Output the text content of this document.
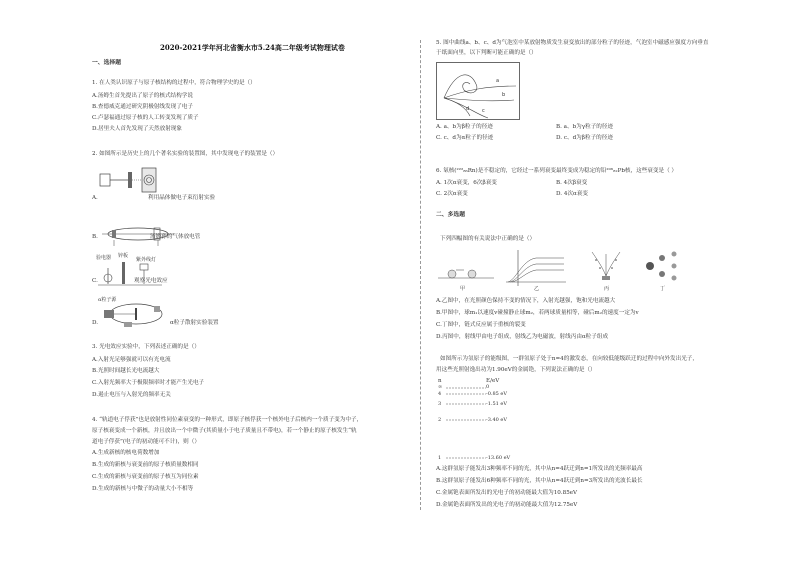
2020-2021学年河北省衡水市5.24高二年级考试物理试卷
一、选择题
1. 在人类认识原子与原子核结构的过程中，符合物理学史的是（）
A.汤姆生首先提出了原子的核式结构学说
B.查德威克通过研究阴极射线发现了电子
C.卢瑟福通过原子核的人工转变发现了质子
D.居里夫人首先发现了天然放射现象
2. 如图所示是历史上的几个著名实验的装置图，其中发现电子的装置是（）
A.	利用晶体做电子束衍射实验
B.	汤姆孙的气体放电管
C.
验电器 锌板
紫外线灯
观察光电效应
D.
α粒子源
α粒子散射实验装置
3. 光电效应实验中，下列表述正确的是（）
A.入射光足够强就可以有光电流
B.光照时间越长光电流越大
C.入射光频率大于极限频率时才能产生光电子
D.遏止电压与入射光的频率无关
4. “轨道电子俘获”也是放射性同位素衰变的一种形式，即原子核俘获一个核外电子后核内一个质子变为中子，
原子核衰变成一个新核，并且放出一个中微子(其质量小于电子质量且不带电)，若一个静止的原子核发生“轨
道电子俘获”(电子的初动能可不计)，则（）
A.生成新核的核电荷数增加
B.生成的新核与衰变前的原子核质量数相同
C.生成的新核与衰变前的原子核互为同位素
D.生成的新核与中微子的动量大小不相等
5. 图中曲线a、b、c、d为气泡室中某放射物质发生衰变放出的部分粒子的径迹，气泡室中磁感应强度方向垂直
于纸面向里，以下判断可能正确的是（）
a
b
c
d
A. a、b为β粒子的径迹	B. a、b为γ粒子的径迹
C. c、d为α粒子的径迹	D. c、d为β粒子的径迹
6. 氡核(²²²₈₆Rn)是不稳定的，它经过一系列衰变最终变成为稳定的铅²⁰⁶₈₂Pb核，这些衰变是（ ）
A. 1次α衰变，6次β衰变	B. 4次β衰变
C. 2次α衰变	D. 4次α衰变
二、多选题
下列四幅图的有关说法中正确的是（）
甲	乙	丙	丁
A.乙图中，在光照颜色保持不变的情况下，入射光越强，饱和光电流越大
B.甲图中，球m₁以速度v碰撞静止球m₂，若两球质量相等，碰后m₂的速度一定为v
C.丁图中，链式反应属于重核的裂变
D.丙图中，射线甲由电子组成，射线乙为电磁波，射线丙由α粒子组成
如图所示为氢原子的能级图，一群氢原子处于n=4的激发态，在向较低能级跃迁的过程中向外发出光子，
用这些光照射逸出功为1.90eV的金属铯，下列说法正确的是（）
n	E/eV
∞	0
4	-0.85 eV
3	-1.51 eV
2	-3.40 eV
1	-13.60 eV
A.这群氢原子能发出3种频率不同的光，其中从n=4跃迁到n=1所发出的光频率最高
B.这群氢原子能发出6种频率不同的光，其中从n=4跃迁到n=3所发出的光波长最长
C.金属铯表面所发出的光电子的初动能最大值为10.85eV
D.金属铯表面所发出的光电子的初动能最大值为12.75eV
